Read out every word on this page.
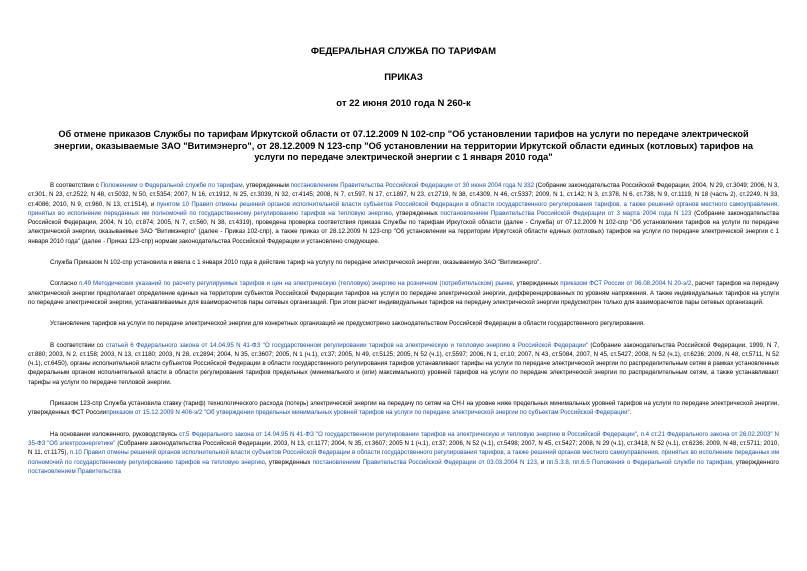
ФЕДЕРАЛЬНАЯ СЛУЖБА ПО ТАРИФАМ
ПРИКАЗ
от 22 июня 2010 года N 260-к
Об отмене приказов Службы по тарифам Иркутской области от 07.12.2009 N 102-спр "Об установлении тарифов на услуги по передаче электрической энергии, оказываемые ЗАО "Витимэнерго", от 28.12.2009 N 123-спр "Об установлении на территории Иркутской области единых (котловых) тарифов на услуги по передаче электрической энергии с 1 января 2010 года"

В соответствии с Положением о Федеральной службе по тарифам, утвержденным постановлением Правительства Российской Федерации от 30 июня 2004 года N 332 (Собрание законодательства Российской Федерации, 2004, N 29, ст.3049; 2006, N 3, ст.301, N 23, ст.2522, N 48, ст.5032, N 50, ст.5354; 2007, N 16, ст.1912, N 25, ст.3039, N 32, ст.4145; 2008, N 7, ст.597, N 17, ст.1897, N 23, ст.2719, N 38, ст.4309, N 46, ст.5337; 2009, N 1, ст.142; N 3, ст.378, N 6, ст.738, N 9, ст.1119, N 18 (часть 2), ст.2249, N 33, ст.4086; 2010, N 9, ст.960, N 13, ст.1514), и пунктом 10 Правил отмены решений органов исполнительной власти субъектов Российской Федерации в области государственного регулирования тарифов, а также решений органов местного самоуправления, принятых во исполнение переданных им полномочий по государственному регулированию тарифов на тепловую энергию, утвержденных постановлением Правительства Российской Федерации от 3 марта 2004 года N 123 (Собрание законодательства Российской Федерации, 2004, N 10, ст.874; 2005, N 7, ст.560, N 38, ст.4319), проведена проверка соответствия приказа Службы по тарифам Иркутской области (далее - Служба) от 07.12.2009 N 102-спр "Об установлении тарифов на услуги по передаче электрической энергии, оказываемые ЗАО "Витимэнерго" (далее - Приказ 102-спр), а также приказ от 28.12.2009 N 123-спр "Об установлении на территории Иркутской области единых (котловых) тарифов на услуги по передаче электрической энергии с 1 января 2010 года" (далее - Приказ 123-спр) нормам законодательства Российской Федерации и установлено следующее.

Служба Приказом N 102-спр установила и ввела с 1 января 2010 года в действие тариф на услугу по передаче электрической энергии, оказываемую ЗАО "Витимэнерго".

Согласно п.49 Методических указаний по расчету регулируемых тарифов и цен на электрическую (тепловую) энергию на розничном (потребительском) рынке, утвержденных приказом ФСТ России от 06.08.2004 N 20-э/2, расчет тарифов на передачу электрической энергии предполагает определение единых на территории субъектов Российской Федерации тарифов на услуги по передаче электрической энергии, дифференцированных по уровням напряжения. А также индивидуальных тарифов на услуги по передаче электрической энергии, устанавливаемых для взаиморасчетов пары сетевых организаций. При этом расчет индивидуальных тарифов на передачу электрической энергии предусмотрен только для взаиморасчетов пары сетевых организаций.

Установление тарифов на услуги по передаче электрической энергии для конкретных организаций не предусмотрено законодательством Российской Федерации в области государственного регулирования.

В соответствии со статьей 6 Федерального закона от 14.04.95 N 41-ФЗ "О государственном регулировании тарифов на электрическую и тепловую энергию в Российской Федерации" (Собрание законодательства Российской Федерации, 1999, N 7, ст.880; 2003, N 2, ст.158; 2003, N 13, ст.1180; 2003, N 28, ст.2894; 2004, N 35, ст.3607; 2005, N 1 (ч.1), ст.37; 2005, N 49, ст.5125; 2005, N 52 (ч.1), ст.5597; 2006, N 1, ст.10; 2007, N 43, ст.5084, 2007, N 45, ст.5427; 2008, N 52 (ч.1), ст.6236; 2009, N 48, ст.5711, N 52 (ч.1), ст.6450), органы исполнительной власти субъектов Российской Федерации в области государственного регулирования тарифов устанавливают тарифы на услуги по передаче электрической энергии по распределительным сетям в рамках установленных федеральным органом исполнительной власти в области регулирования тарифов предельных (минимального и (или) максимального) уровней тарифов на услуги по передаче электрической энергии по распределительным сетям, а также устанавливают тарифы на услуги по передаче тепловой энергии.

Приказом 123-спр Служба установила ставку (тариф) технологического расхода (потерь) электрической энергии на передачу по сетям на СН-I на уровне ниже предельных минимальных уровней тарифов на услуги по передаче электрической энергии, утвержденных ФСТ Россииприказом от 15.12.2009 N 406-э/2 "Об утверждении предельных минимальных уровней тарифов на услуги по передаче электрической энергии по субъектам Российской Федерации".

На основании изложенного, руководствуясь ст.5 Федерального закона от 14.04.95 N 41-ФЗ "О государственном регулировании тарифов на электрическую и тепловую энергию в Российской Федерации", п.4 ст.21 Федерального закона от 26.02.2003" N 35-ФЗ "Об электроэнергетике" (Собрание законодательства Российской Федерации, 2003, N 13, ст.1177; 2004, N 35, ст.3607; 2005 N 1 (ч.1), ст.37; 2006, N 52 (ч.1), ст.5498; 2007, N 45, ст.5427; 2008, N 29 (ч.1), ст.3418, N 52 (ч.1), ст.6236; 2009, N 48, ст.5711; 2010, N 11, ст.1175), п.10 Правил отмены решений органов исполнительной власти субъектов Российской Федерации в области государственного регулирования тарифов, а также решений органов местного самоуправления, принятых во исполнение переданных им полномочий по государственному регулированию тарифов на тепловую энергию, утвержденных постановлением Правительства Российской Федерации от 03.03.2004 N 123, и пп.5.3.8, пп.6.5 Положения о Федеральной службе по тарифам, утвержденного постановлением Правительства
